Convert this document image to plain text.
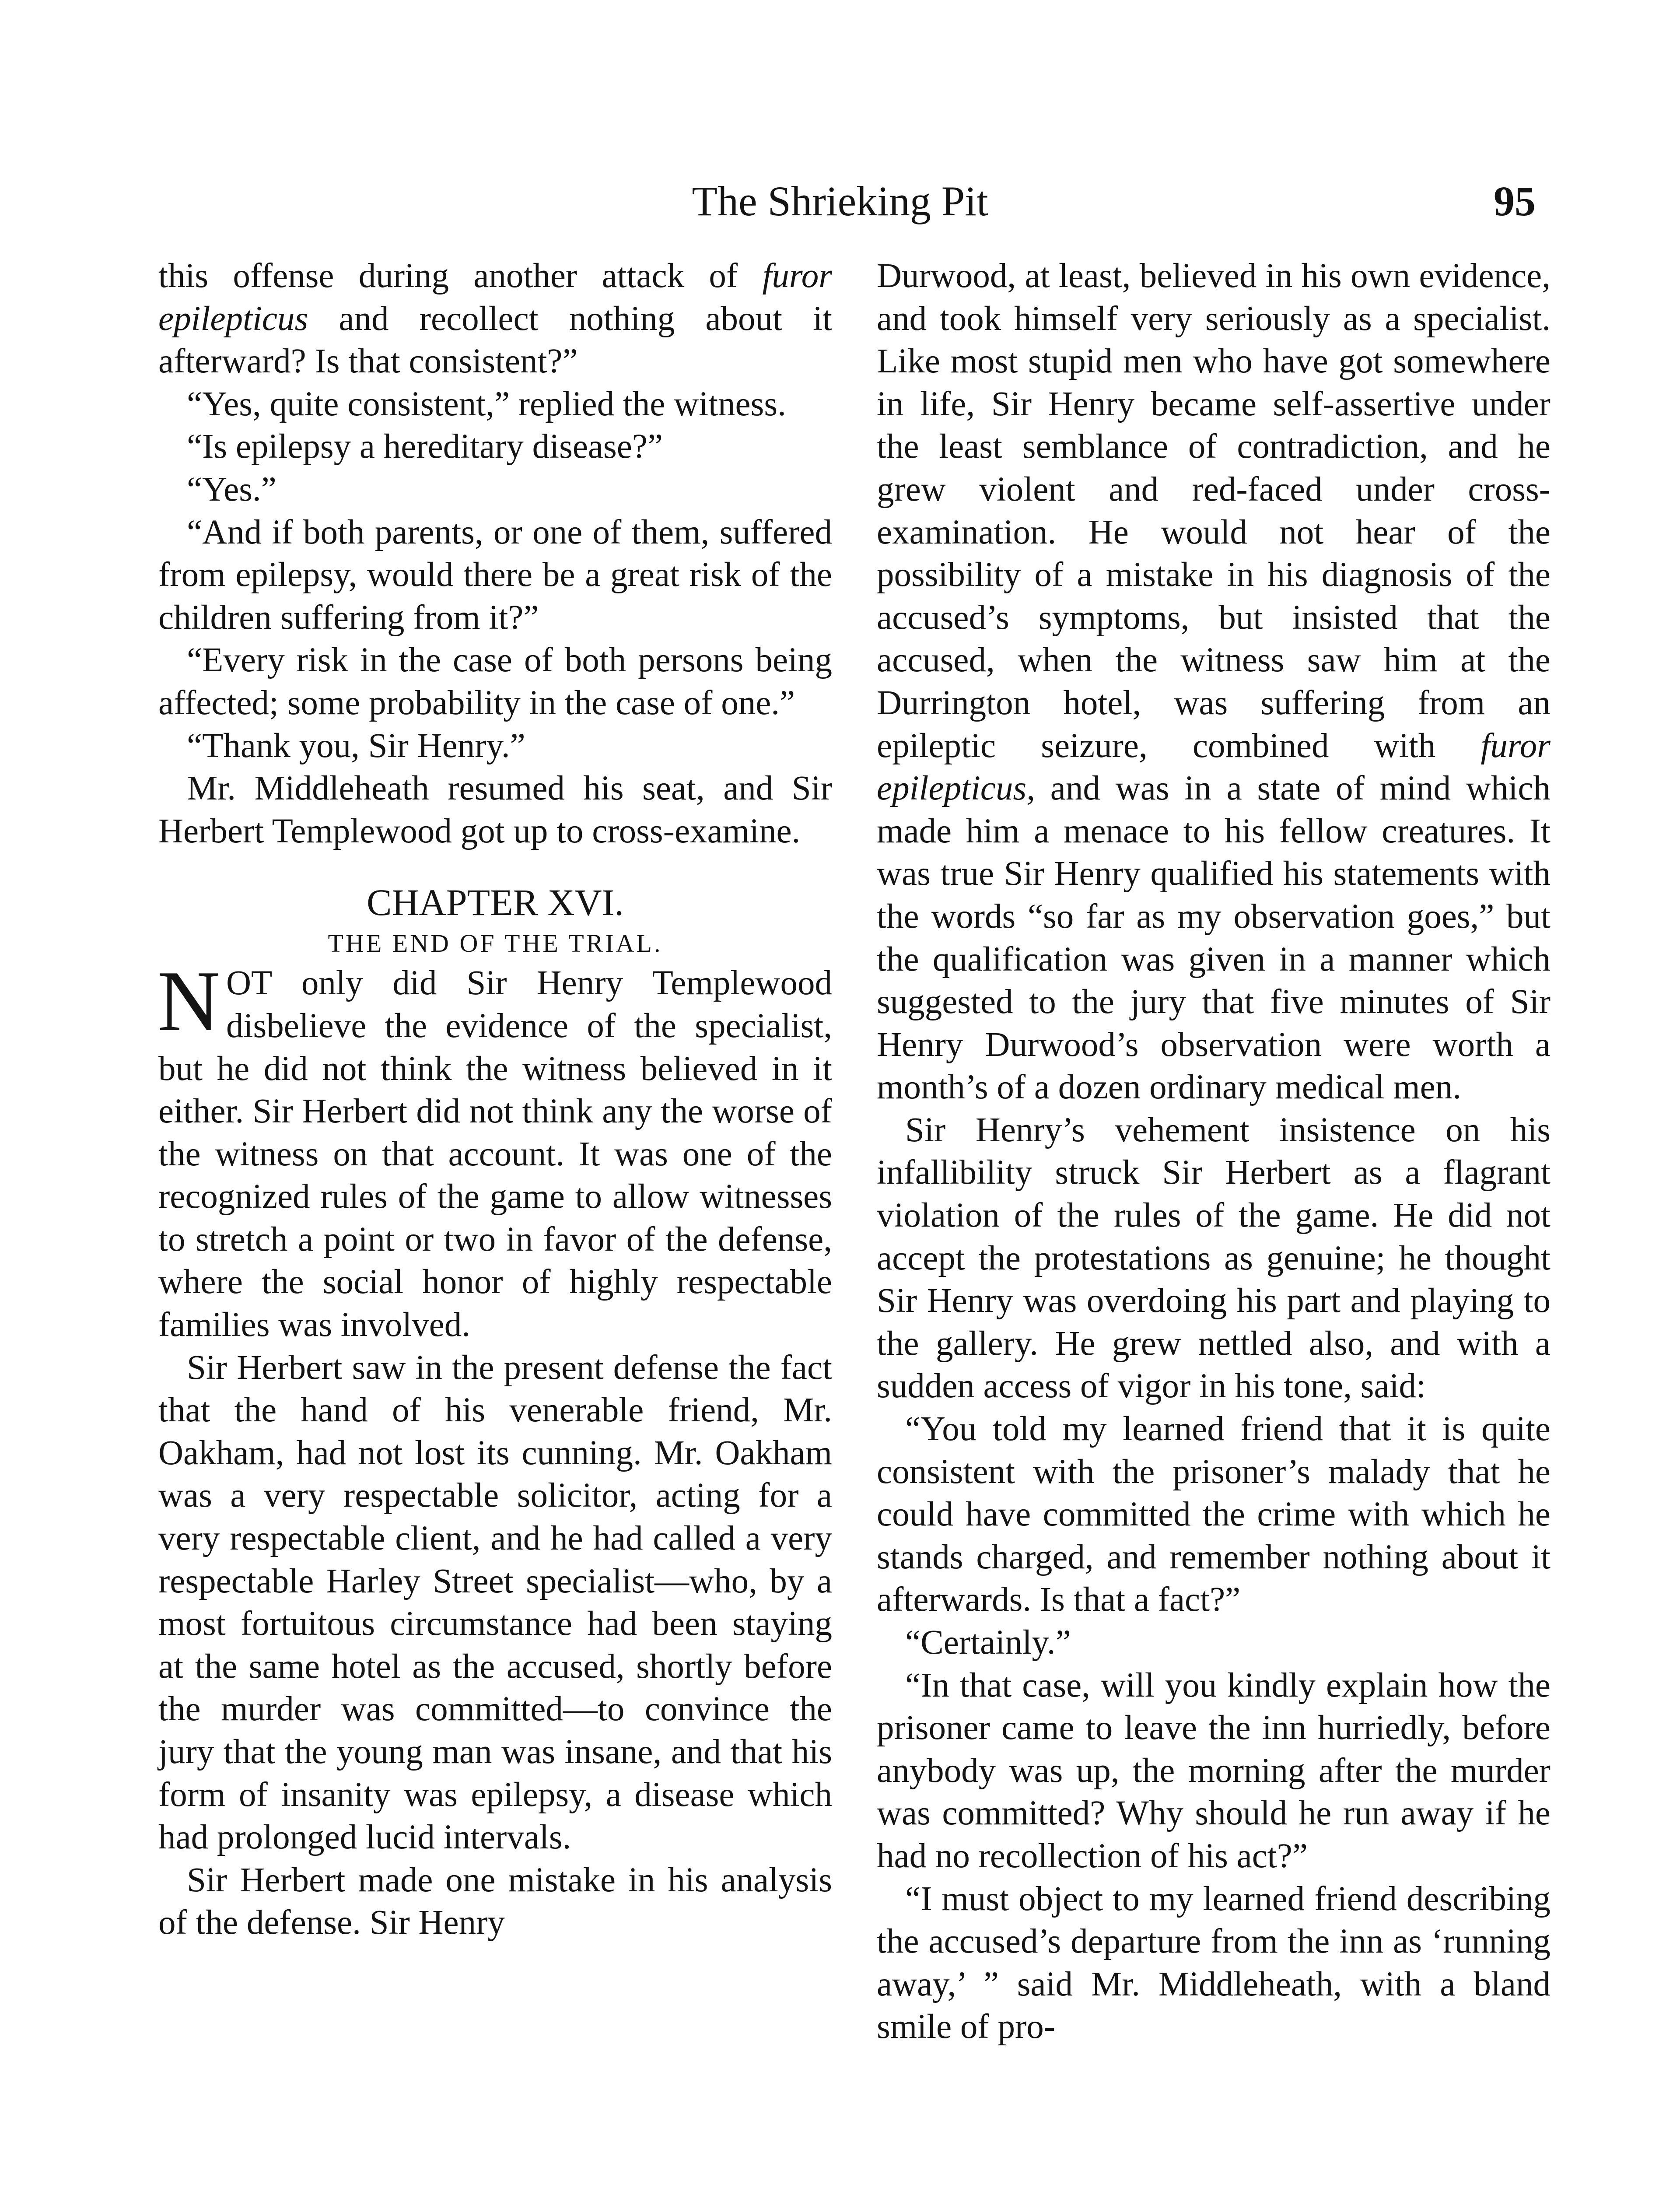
The Shrieking Pit	95

this offense during another attack of furor epilepticus and recollect nothing about it afterward? Is that consistent?”

“Yes, quite consistent,” replied the witness.

“Is epilepsy a hereditary disease?”

“Yes.”

“And if both parents, or one of them, suffered from epilepsy, would there be a great risk of the children suffering from it?”

“Every risk in the case of both persons being affected; some probability in the case of one.”

“Thank you, Sir Henry.”

Mr. Middleheath resumed his seat, and Sir Herbert Templewood got up to cross-examine.

CHAPTER XVI.
THE END OF THE TRIAL.

NOT only did Sir Henry Templewood disbelieve the evidence of the specialist, but he did not think the witness believed in it either. Sir Herbert did not think any the worse of the witness on that account. It was one of the recognized rules of the game to allow witnesses to stretch a point or two in favor of the defense, where the social honor of highly respectable families was involved.

Sir Herbert saw in the present defense the fact that the hand of his venerable friend, Mr. Oakham, had not lost its cunning. Mr. Oakham was a very respectable solicitor, acting for a very respectable client, and he had called a very respectable Harley Street specialist—who, by a most fortuitous circumstance had been staying at the same hotel as the accused, shortly before the murder was committed—to convince the jury that the young man was insane, and that his form of insanity was epilepsy, a disease which had prolonged lucid intervals.

Sir Herbert made one mistake in his analysis of the defense. Sir Henry

Durwood, at least, believed in his own evidence, and took himself very seriously as a specialist. Like most stupid men who have got somewhere in life, Sir Henry became self-assertive under the least semblance of contradiction, and he grew violent and red-faced under cross-examination. He would not hear of the possibility of a mistake in his diagnosis of the accused’s symptoms, but insisted that the accused, when the witness saw him at the Durrington hotel, was suffering from an epileptic seizure, combined with furor epilepticus, and was in a state of mind which made him a menace to his fellow creatures. It was true Sir Henry qualified his statements with the words “so far as my observation goes,” but the qualification was given in a manner which suggested to the jury that five minutes of Sir Henry Durwood’s observation were worth a month’s of a dozen ordinary medical men.

Sir Henry’s vehement insistence on his infallibility struck Sir Herbert as a flagrant violation of the rules of the game. He did not accept the protestations as genuine; he thought Sir Henry was overdoing his part and playing to the gallery. He grew nettled also, and with a sudden access of vigor in his tone, said:

“You told my learned friend that it is quite consistent with the prisoner’s malady that he could have committed the crime with which he stands charged, and remember nothing about it afterwards. Is that a fact?”

“Certainly.”

“In that case, will you kindly explain how the prisoner came to leave the inn hurriedly, before anybody was up, the morning after the murder was committed? Why should he run away if he had no recollection of his act?”

“I must object to my learned friend describing the accused’s departure from the inn as ‘running away,’ ” said Mr. Middleheath, with a bland smile of pro-
